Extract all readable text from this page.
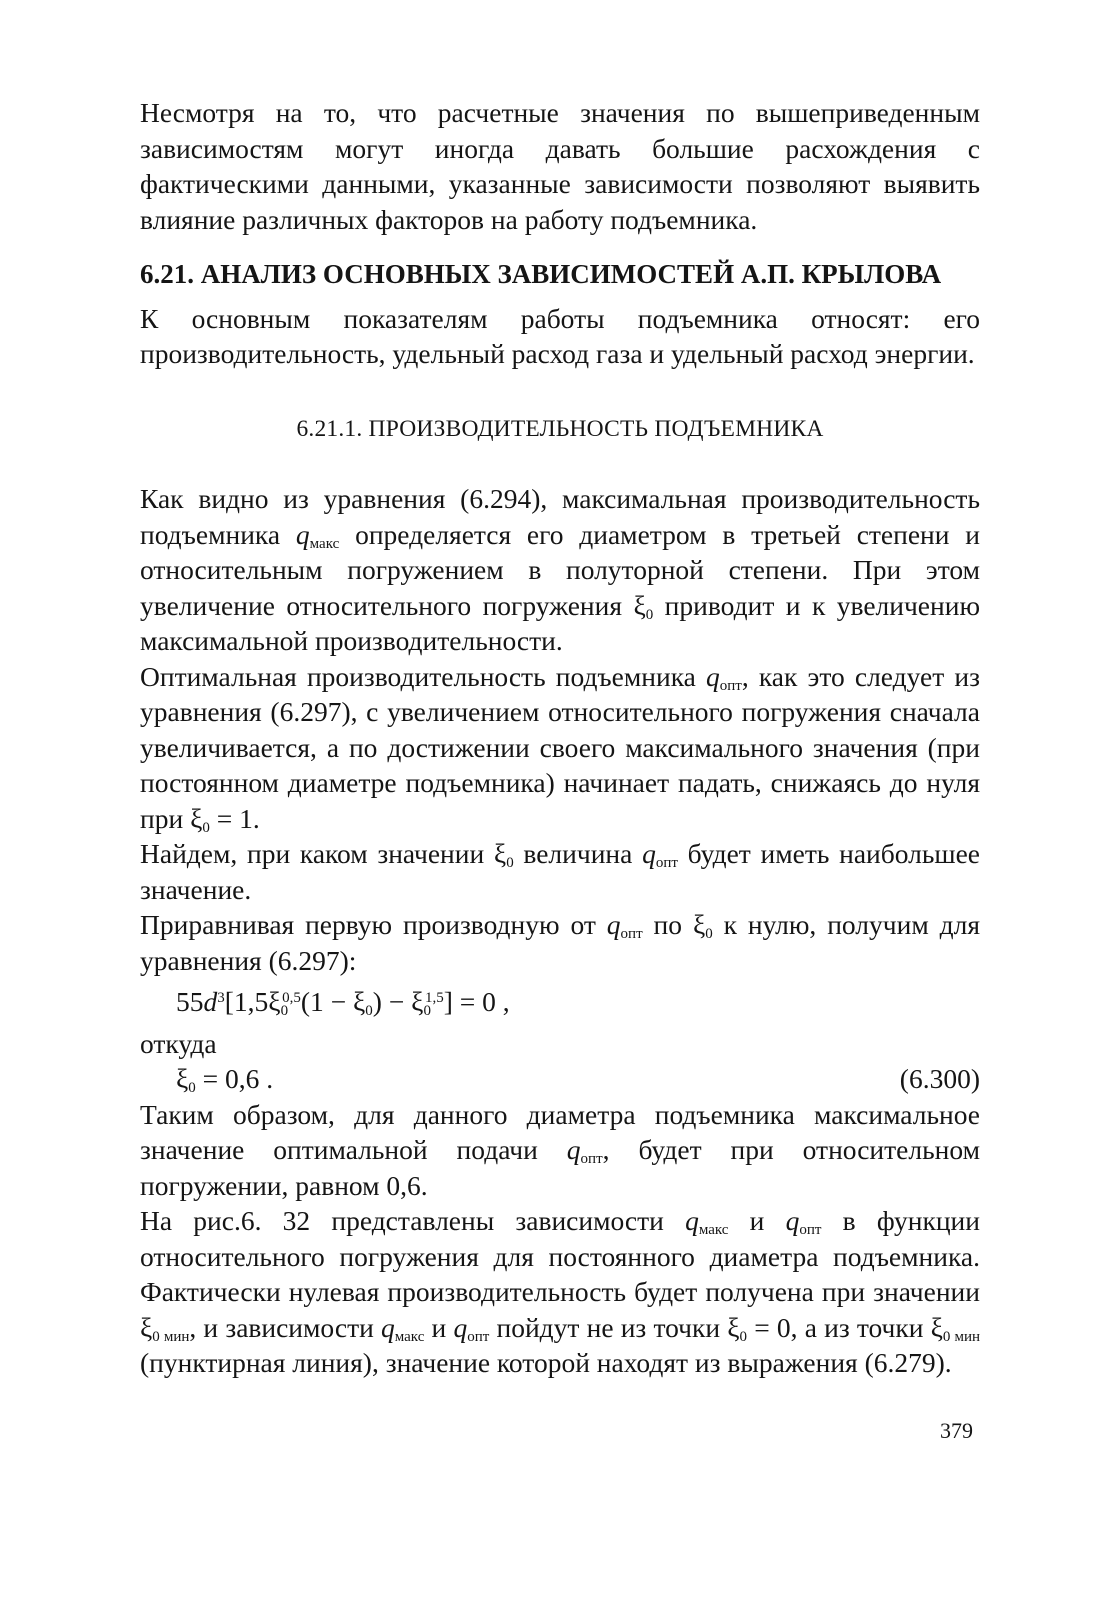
Несмотря на то, что расчетные значения по вышеприведенным зависимостям могут иногда давать большие расхождения с фактическими данными, указанные зависимости позволяют выявить влияние различных факторов на работу подъемника.

6.21. АНАЛИЗ ОСНОВНЫХ ЗАВИСИМОСТЕЙ А.П. КРЫЛОВА

К основным показателям работы подъемника относят: его производительность, удельный расход газа и удельный расход энергии.

6.21.1. ПРОИЗВОДИТЕЛЬНОСТЬ ПОДЪЕМНИКА

Как видно из уравнения (6.294), максимальная производительность подъемника $q_{макс}$ определяется его диаметром в третьей степени и относительным погружением в полуторной степени. При этом увеличение относительного погружения $\xi_0$ приводит и к увеличению максимальной производительности.

Оптимальная производительность подъемника $q_{опт}$, как это следует из уравнения (6.297), с увеличением относительного погружения сначала увеличивается, а по достижении своего максимального значения (при постоянном диаметре подъемника) начинает падать, снижаясь до нуля при $\xi_0 = 1$.

Найдем, при каком значении $\xi_0$ величина $q_{опт}$ будет иметь наибольшее значение.

Приравнивая первую производную от $q_{опт}$ по $\xi_0$ к нулю, получим для уравнения (6.297):

$55d^3[1,5\xi_0^{0,5}(1 - \xi_0) - \xi_0^{1,5}] = 0$ ,

откуда

$\xi_0 = 0,6$ .	(6.300)

Таким образом, для данного диаметра подъемника максимальное значение оптимальной подачи $q_{опт}$, будет при относительном погружении, равном 0,6.

На рис.6. 32 представлены зависимости $q_{макс}$ и $q_{опт}$ в функции относительного погружения для постоянного диаметра подъемника. Фактически нулевая производительность будет получена при значении $\xi_{0 мин}$, и зависимости $q_{макс}$ и $q_{опт}$ пойдут не из точки $\xi_0 = 0$, а из точки $\xi_{0 мин}$ (пунктирная линия), значение которой находят из выражения (6.279).

379
